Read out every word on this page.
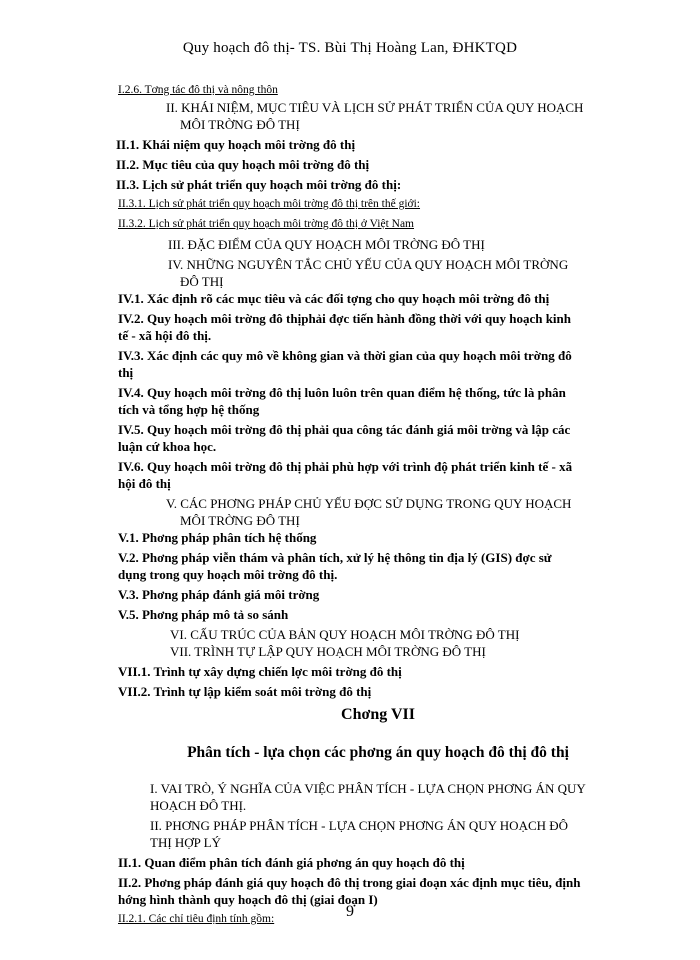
Quy hoạch đô thị- TS. Bùi Thị Hoàng Lan, ĐHKTQD

I.2.6. Tơng tác đô thị và nông thôn

II. KHÁI NIỆM, MỤC TIÊU VÀ LỊCH SỬ PHÁT TRIỂN CỦA QUY HOẠCH

MÔI TRỜNG ĐÔ THỊ

II.1. Khái niệm quy hoạch môi trờng đô thị

II.2. Mục tiêu của quy hoạch môi trờng đô thị

II.3. Lịch sử phát triển quy hoạch môi trờng đô thị:

II.3.1. Lịch sử phát triển quy hoạch môi trờng đô thị trên thế giới:

II.3.2. Lịch sử phát triển quy hoạch môi trờng đô thị ở Việt Nam

III. ĐẶC ĐIỂM CỦA QUY HOẠCH MÔI TRỜNG ĐÔ THỊ

IV. NHỮNG NGUYÊN TẮC CHỦ YẾU CỦA QUY HOẠCH MÔI TRỜNG

ĐÔ THỊ

IV.1. Xác định rõ các mục tiêu và các đối tợng cho quy hoạch môi trờng đô thị

IV.2. Quy hoạch môi trờng đô thịphải đợc tiến hành đồng thời với quy hoạch kinh

tế - xã hội đô thị.

IV.3. Xác định các quy mô về không gian và thời gian của quy hoạch môi trờng đô

thị

IV.4. Quy hoạch môi trờng đô thị luôn luôn trên quan điểm hệ thống, tức là phân

tích và tổng hợp hệ thống

IV.5. Quy hoạch môi trờng đô thị phải qua công tác đánh giá môi trờng và lập các

luận cứ khoa học.

IV.6. Quy hoạch môi trờng đô thị phải phù hợp với trình độ phát triển kinh tế - xã

hội đô thị

V. CÁC PHƠNG PHÁP CHỦ YẾU ĐỢC SỬ DỤNG TRONG QUY HOẠCH

MÔI TRỜNG ĐÔ THỊ

V.1. Phơng pháp phân tích hệ thống

V.2. Phơng pháp viễn thám và phân tích, xử lý hệ thông tin địa lý (GIS) đợc sử

dụng trong quy hoạch môi trờng đô thị.

V.3. Phơng pháp đánh giá môi trờng

V.5. Phơng pháp mô tả so sánh

VI. CẤU TRÚC CỦA BẢN QUY HOẠCH MÔI TRỜNG ĐÔ THỊ

VII. TRÌNH TỰ LẬP QUY HOẠCH MÔI TRỜNG ĐÔ THỊ

VII.1. Trình tự xây dựng chiến lợc môi trờng đô thị

VII.2. Trình tự lập kiểm soát môi trờng đô thị

Chơng VII

Phân tích - lựa chọn các phơng án quy hoạch đô thị đô thị

I. VAI TRÒ, Ý NGHĨA CỦA VIỆC PHÂN TÍCH - LỰA CHỌN PHƠNG ÁN QUY

HOẠCH ĐÔ THỊ.

II. PHƠNG PHÁP PHÂN TÍCH - LỰA CHỌN PHƠNG ÁN QUY HOẠCH ĐÔ

THỊ HỢP LÝ

II.1. Quan điểm phân tích đánh giá phơng án quy hoạch đô thị

II.2. Phơng pháp đánh giá quy hoạch đô thị trong giai đoạn xác định mục tiêu, định

hớng hình thành quy hoạch đô thị (giai đoạn I)

II.2.1. Các chỉ tiêu định tính gồm:	9
